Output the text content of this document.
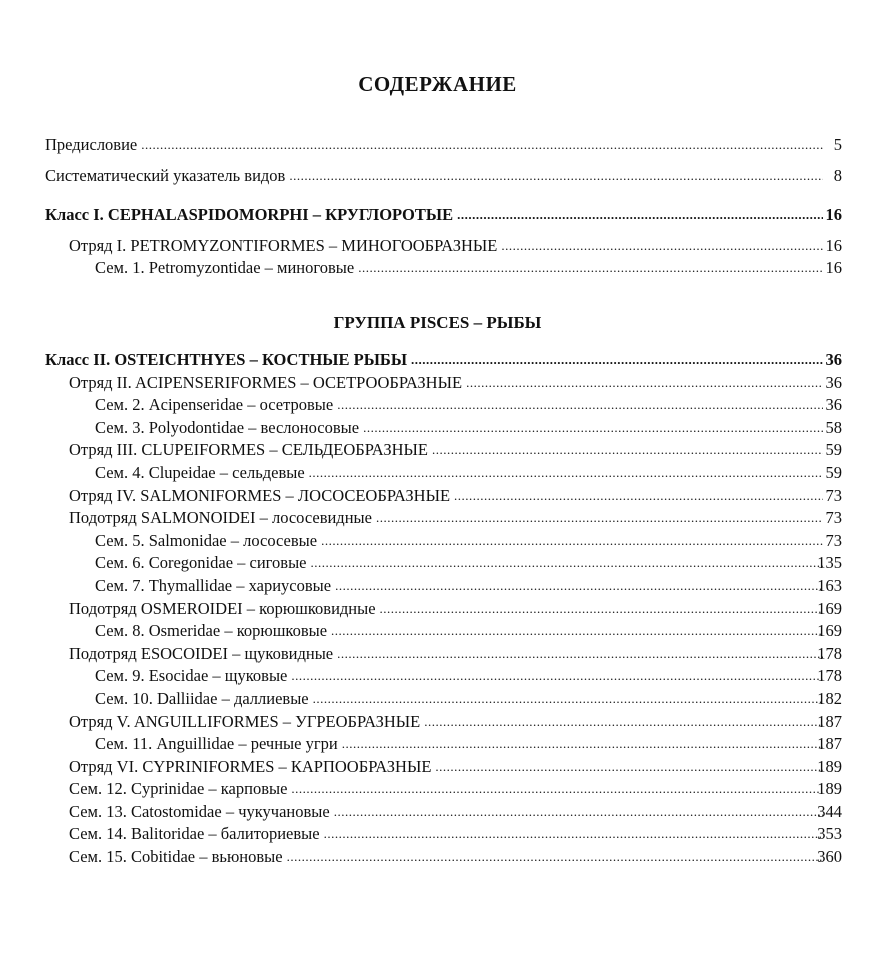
СОДЕРЖАНИЕ
Предисловие .....	5
Систематический указатель видов .....	8
Класс I. CEPHALASPIDOMORPHI – КРУГЛОРОТЫЕ .....	16
Отряд I. PETROMYZONTIFORMES – МИНОГООБРАЗНЫЕ .....	16
Сем. 1. Petromyzontidae – миноговые .....	16
ГРУППА PISCES – РЫБЫ
Класс II. OSTEICHTHYES – КОСТНЫЕ РЫБЫ .....	36
Отряд II. ACIPENSERIFORMES – ОСЕТРООБРАЗНЫЕ .....	36
Сем. 2. Acipenseridae – осетровые .....	36
Сем. 3. Polyodontidae – веслоносовые .....	58
Отряд III. CLUPEIFORMES – СЕЛЬДЕОБРАЗНЫЕ .....	59
Сем. 4. Clupeidae – сельдевые .....	59
Отряд IV. SALMONIFORMES – ЛОСОСЕОБРАЗНЫЕ .....	73
Подотряд SALMONOIDEI – лососевидные .....	73
Сем. 5. Salmonidae – лососевые .....	73
Сем. 6. Coregonidae – сиговые .....	135
Сем. 7. Thymallidae – хариусовые .....	163
Подотряд OSMEROIDEI – корюшковидные .....	169
Сем. 8. Osmeridae – корюшковые .....	169
Подотряд ESOCOIDEI – щуковидные .....	178
Сем. 9. Esocidae – щуковые .....	178
Сем. 10. Dalliidae – даллиевые .....	182
Отряд V. ANGUILLIFORMES – УГРЕОБРАЗНЫЕ .....	187
Сем. 11. Anguillidae – речные угри .....	187
Отряд VI. CYPRINIFORMES – КАРПООБРАЗНЫЕ .....	189
Сем. 12. Cyprinidae – карповые .....	189
Сем. 13. Catostomidae – чукучановые .....	344
Сем. 14. Balitoridae – балиториевые .....	353
Сем. 15. Cobitidae – вьюновые .....	360
